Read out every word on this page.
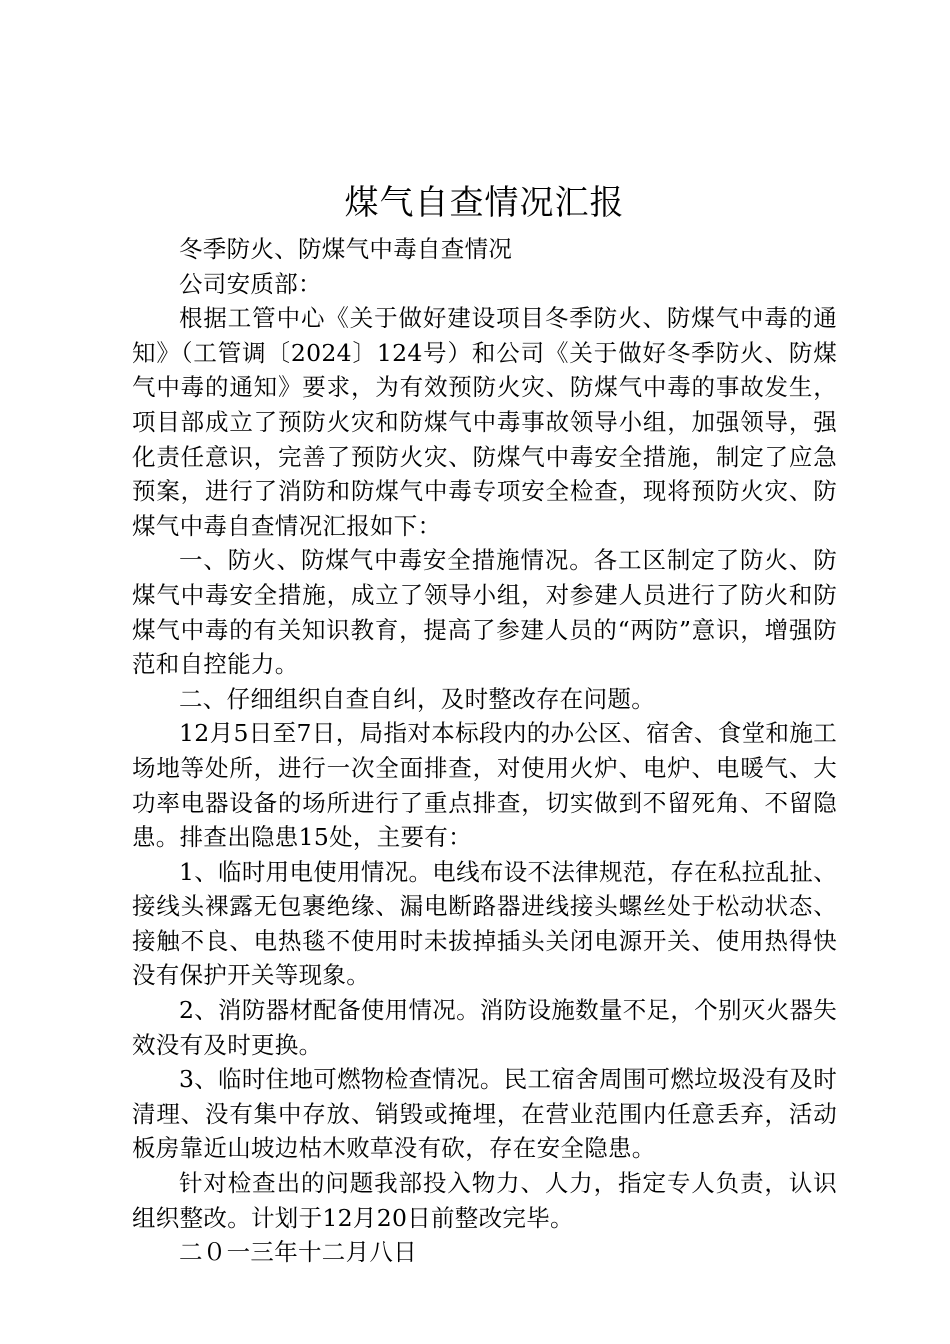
煤气自查情况汇报

冬季防火、防煤气中毒自查情况

公司安质部：

根据工管中心《关于做好建设项目冬季防火、防煤气中毒的通知》（工管调〔2024〕124号）和公司《关于做好冬季防火、防煤气中毒的通知》要求，为有效预防火灾、防煤气中毒的事故发生，项目部成立了预防火灾和防煤气中毒事故领导小组，加强领导，强化责任意识，完善了预防火灾、防煤气中毒安全措施，制定了应急预案，进行了消防和防煤气中毒专项安全检查，现将预防火灾、防煤气中毒自查情况汇报如下：

一、防火、防煤气中毒安全措施情况。各工区制定了防火、防煤气中毒安全措施，成立了领导小组，对参建人员进行了防火和防煤气中毒的有关知识教育，提高了参建人员的“两防”意识，增强防范和自控能力。

二、仔细组织自查自纠，及时整改存在问题。

12月5日至7日，局指对本标段内的办公区、宿舍、食堂和施工场地等处所，进行一次全面排查，对使用火炉、电炉、电暖气、大功率电器设备的场所进行了重点排查，切实做到不留死角、不留隐患。排查出隐患15处，主要有：

1、临时用电使用情况。电线布设不法律规范，存在私拉乱扯、接线头裸露无包裹绝缘、漏电断路器进线接头螺丝处于松动状态、接触不良、电热毯不使用时未拔掉插头关闭电源开关、使用热得快没有保护开关等现象。

2、消防器材配备使用情况。消防设施数量不足，个别灭火器失效没有及时更换。

3、临时住地可燃物检查情况。民工宿舍周围可燃垃圾没有及时清理、没有集中存放、销毁或掩埋，在营业范围内任意丢弃，活动板房靠近山坡边枯木败草没有砍，存在安全隐患。

针对检查出的问题我部投入物力、人力，指定专人负责，认识组织整改。计划于12月20日前整改完毕。

二０一三年十二月八日
